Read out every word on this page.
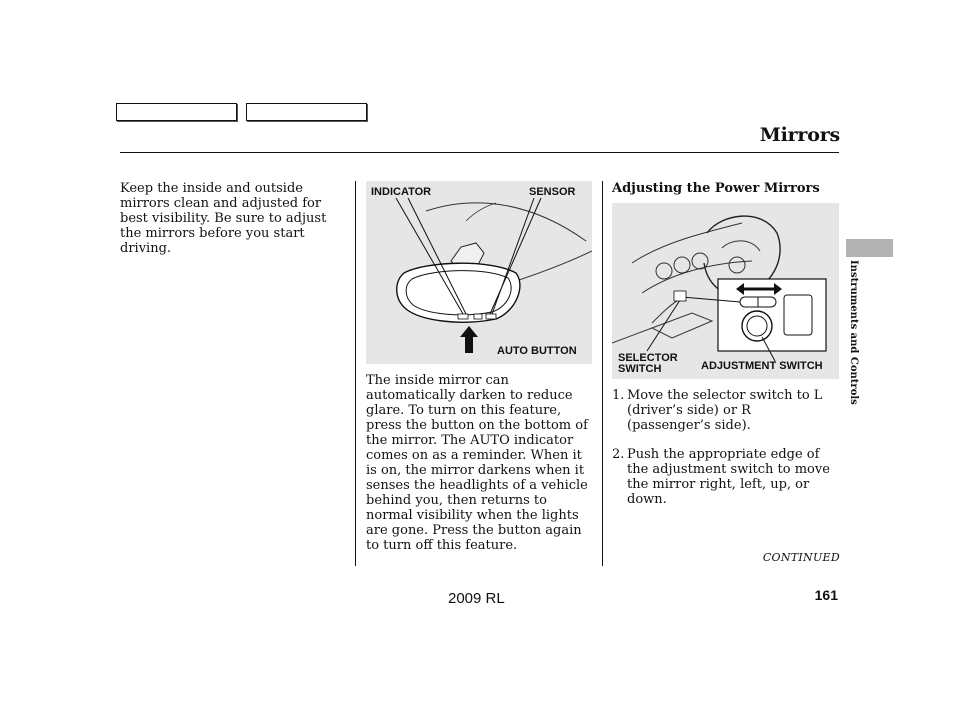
Mirrors
Keep the inside and outside mirrors clean and adjusted for best visibility. Be sure to adjust the mirrors before you start driving.
INDICATOR	SENSOR
AUTO BUTTON
The inside mirror can automatically darken to reduce glare. To turn on this feature, press the button on the bottom of the mirror. The AUTO indicator comes on as a reminder. When it is on, the mirror darkens when it senses the headlights of a vehicle behind you, then returns to normal visibility when the lights are gone. Press the button again to turn off this feature.
Adjusting the Power Mirrors
SELECTOR SWITCH	ADJUSTMENT SWITCH
1. Move the selector switch to L (driver’s side) or R (passenger’s side).
2. Push the appropriate edge of the adjustment switch to move the mirror right, left, up, or down.
Instruments and Controls
CONTINUED
2009 RL	161
